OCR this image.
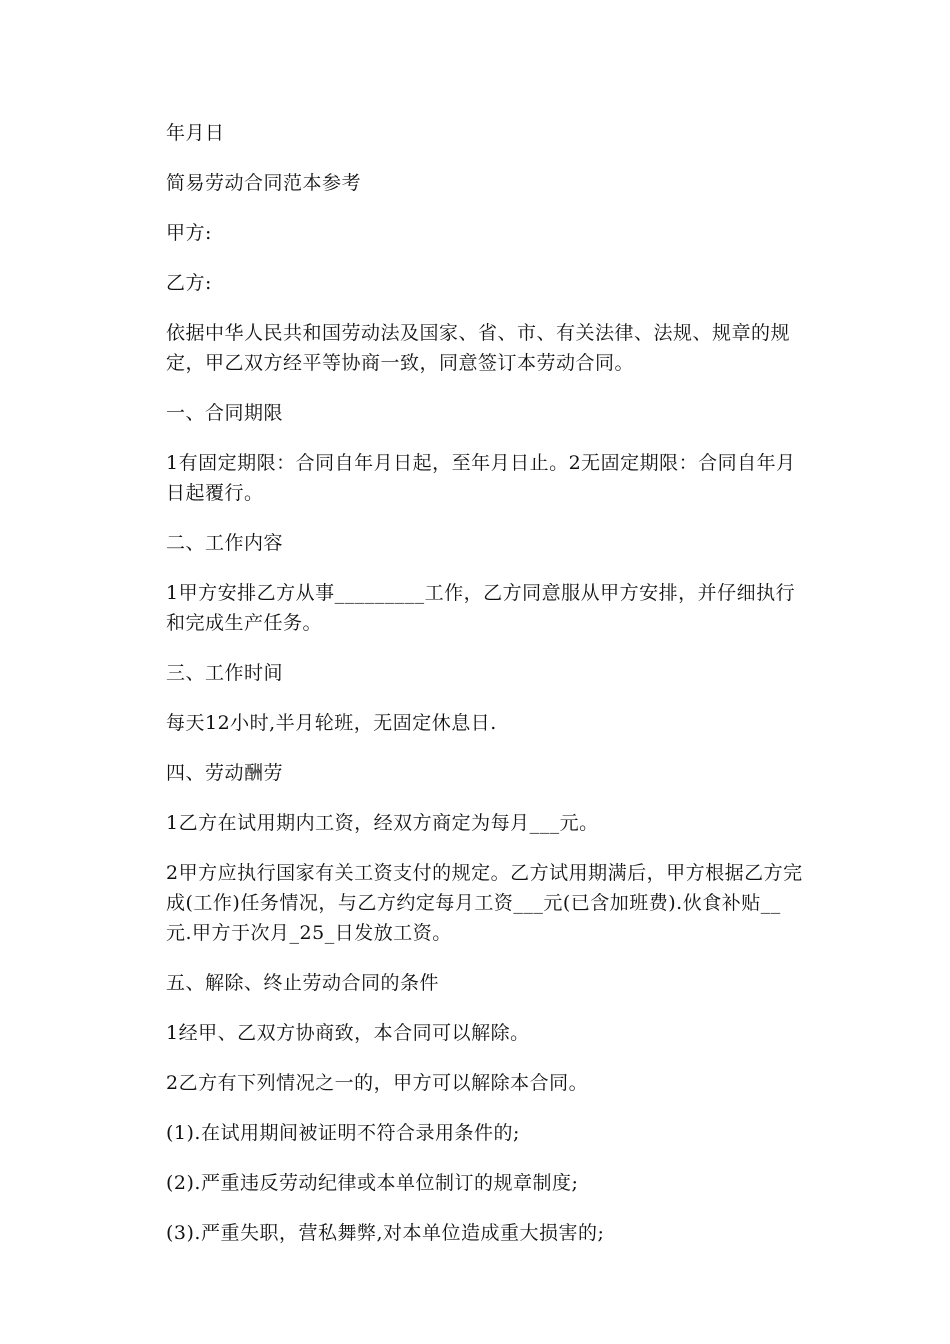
年月日

简易劳动合同范本参考

甲方:

乙方:

依据中华人民共和国劳动法及国家、省、市、有关法律、法规、规章的规定，甲乙双方经平等协商一致，同意签订本劳动合同。

一、合同期限

1有固定期限：合同自年月日起，至年月日止。2无固定期限：合同自年月日起覆行。

二、工作内容

1甲方安排乙方从事_________工作，乙方同意服从甲方安排，并仔细执行和完成生产任务。

三、工作时间

每天12小时,半月轮班，无固定休息日.

四、劳动酬劳

1乙方在试用期内工资，经双方商定为每月___元。

2甲方应执行国家有关工资支付的规定。乙方试用期满后，甲方根据乙方完成(工作)任务情况，与乙方约定每月工资___元(已含加班费).伙食补贴__元.甲方于次月_25_日发放工资。

五、解除、终止劳动合同的条件

1经甲、乙双方协商致，本合同可以解除。

2乙方有下列情况之一的，甲方可以解除本合同。

(1).在试用期间被证明不符合录用条件的;

(2).严重违反劳动纪律或本单位制订的规章制度;

(3).严重失职，营私舞弊,对本单位造成重大损害的;
